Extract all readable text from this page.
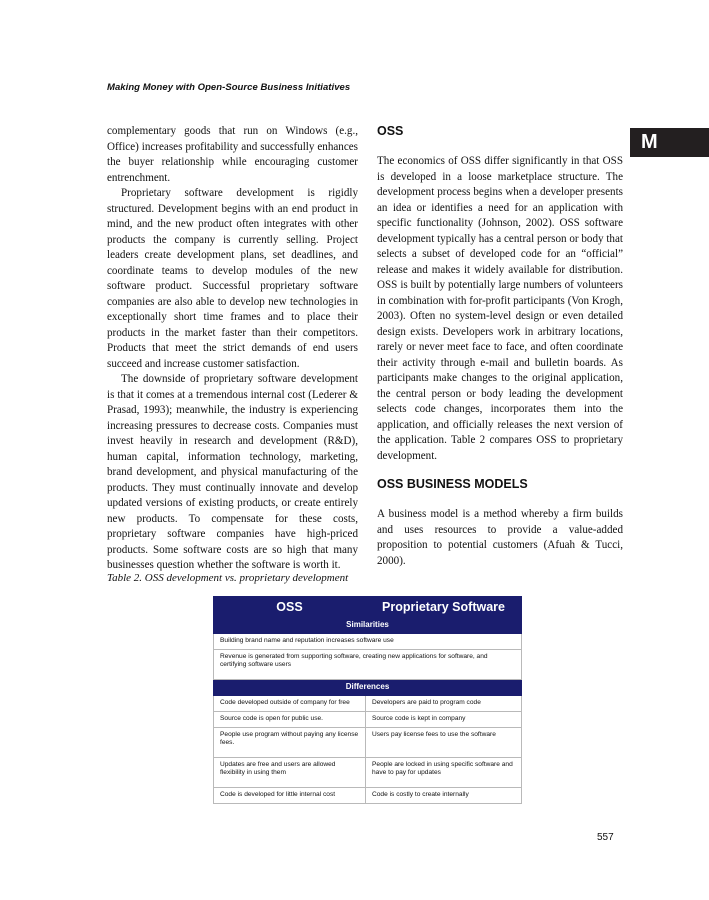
Making Money with Open-Source Business Initiatives
M

complementary goods that run on Windows (e.g., Office) increases profitability and successfully enhances the buyer relationship while encouraging customer entrenchment.

Proprietary software development is rigidly structured. Development begins with an end product in mind, and the new product often integrates with other products the company is currently selling. Project leaders create development plans, set deadlines, and coordinate teams to develop modules of the new software product. Successful proprietary software companies are also able to develop new technologies in exceptionally short time frames and to place their products in the market faster than their competitors. Products that meet the strict demands of end users succeed and increase customer satisfaction.

The downside of proprietary software development is that it comes at a tremendous internal cost (Lederer & Prasad, 1993); meanwhile, the industry is experiencing increasing pressures to decrease costs. Companies must invest heavily in research and development (R&D), human capital, information technology, marketing, brand development, and physical manufacturing of the products. They must continually innovate and develop updated versions of existing products, or create entirely new products. To compensate for these costs, proprietary software companies have high-priced products. Some software costs are so high that many businesses question whether the software is worth it.

OSS

The economics of OSS differ significantly in that OSS is developed in a loose marketplace structure. The development process begins when a developer presents an idea or identifies a need for an application with specific functionality (Johnson, 2002). OSS software development typically has a central person or body that selects a subset of developed code for an “official” release and makes it widely available for distribution. OSS is built by potentially large numbers of volunteers in combination with for-profit participants (Von Krogh, 2003). Often no system-level design or even detailed design exists. Developers work in arbitrary locations, rarely or never meet face to face, and often coordinate their activity through e-mail and bulletin boards. As participants make changes to the original application, the central person or body leading the development selects code changes, incorporates them into the application, and officially releases the next version of the application. Table 2 compares OSS to proprietary development.

OSS BUSINESS MODELS

A business model is a method whereby a firm builds and uses resources to provide a value-added proposition to potential customers (Afuah & Tucci, 2000).

Table 2. OSS development vs. proprietary development
OSS	Proprietary Software
Similarities	
Building brand name and reputation increases software use	
Revenue is generated from supporting software, creating new applications for software, and certifying software users	
Differences	
Code developed outside of company for free	Developers are paid to program code
Source code is open for public use.	Source code is kept in company
People use program without paying any license fees.	Users pay license fees to use the software
Updates are free and users are allowed flexibility in using them	People are locked in using specific software and have to pay for updates
Code is developed for little internal cost	Code is costly to create internally
557
